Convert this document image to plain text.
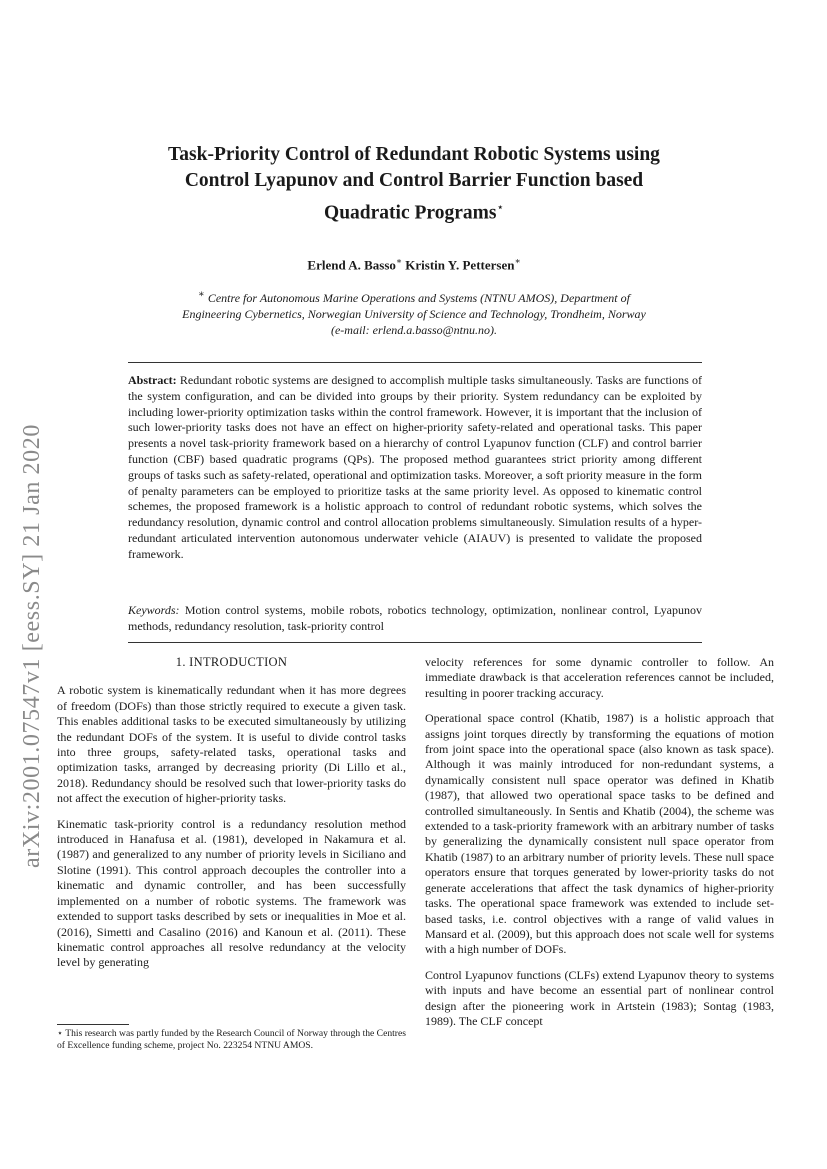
arXiv:2001.07547v1 [eess.SY] 21 Jan 2020
Task-Priority Control of Redundant Robotic Systems using Control Lyapunov and Control Barrier Function based Quadratic Programs⋆
Erlend A. Basso∗ Kristin Y. Pettersen∗
∗ Centre for Autonomous Marine Operations and Systems (NTNU AMOS), Department of Engineering Cybernetics, Norwegian University of Science and Technology, Trondheim, Norway (e-mail: erlend.a.basso@ntnu.no).
Abstract: Redundant robotic systems are designed to accomplish multiple tasks simultaneously. Tasks are functions of the system configuration, and can be divided into groups by their priority. System redundancy can be exploited by including lower-priority optimization tasks within the control framework. However, it is important that the inclusion of such lower-priority tasks does not have an effect on higher-priority safety-related and operational tasks. This paper presents a novel task-priority framework based on a hierarchy of control Lyapunov function (CLF) and control barrier function (CBF) based quadratic programs (QPs). The proposed method guarantees strict priority among different groups of tasks such as safety-related, operational and optimization tasks. Moreover, a soft priority measure in the form of penalty parameters can be employed to prioritize tasks at the same priority level. As opposed to kinematic control schemes, the proposed framework is a holistic approach to control of redundant robotic systems, which solves the redundancy resolution, dynamic control and control allocation problems simultaneously. Simulation results of a hyper-redundant articulated intervention autonomous underwater vehicle (AIAUV) is presented to validate the proposed framework.
Keywords: Motion control systems, mobile robots, robotics technology, optimization, nonlinear control, Lyapunov methods, redundancy resolution, task-priority control
1. INTRODUCTION

A robotic system is kinematically redundant when it has more degrees of freedom (DOFs) than those strictly required to execute a given task. This enables additional tasks to be executed simultaneously by utilizing the redundant DOFs of the system. It is useful to divide control tasks into three groups, safety-related tasks, operational tasks and optimization tasks, arranged by decreasing priority (Di Lillo et al., 2018). Redundancy should be resolved such that lower-priority tasks do not affect the execution of higher-priority tasks.

Kinematic task-priority control is a redundancy resolution method introduced in Hanafusa et al. (1981), developed in Nakamura et al. (1987) and generalized to any number of priority levels in Siciliano and Slotine (1991). This control approach decouples the controller into a kinematic and dynamic controller, and has been successfully implemented on a number of robotic systems. The framework was extended to support tasks described by sets or inequalities in Moe et al. (2016), Simetti and Casalino (2016) and Kanoun et al. (2011). These kinematic control approaches all resolve redundancy at the velocity level by generating

velocity references for some dynamic controller to follow. An immediate drawback is that acceleration references cannot be included, resulting in poorer tracking accuracy.

Operational space control (Khatib, 1987) is a holistic approach that assigns joint torques directly by transforming the equations of motion from joint space into the operational space (also known as task space). Although it was mainly introduced for non-redundant systems, a dynamically consistent null space operator was defined in Khatib (1987), that allowed two operational space tasks to be defined and controlled simultaneously. In Sentis and Khatib (2004), the scheme was extended to a task-priority framework with an arbitrary number of tasks by generalizing the dynamically consistent null space operator from Khatib (1987) to an arbitrary number of priority levels. These null space operators ensure that torques generated by lower-priority tasks do not generate accelerations that affect the task dynamics of higher-priority tasks. The operational space framework was extended to include set-based tasks, i.e. control objectives with a range of valid values in Mansard et al. (2009), but this approach does not scale well for systems with a high number of DOFs.

Control Lyapunov functions (CLFs) extend Lyapunov theory to systems with inputs and have become an essential part of nonlinear control design after the pioneering work in Artstein (1983); Sontag (1983, 1989). The CLF concept

⋆ This research was partly funded by the Research Council of Norway through the Centres of Excellence funding scheme, project No. 223254 NTNU AMOS.
